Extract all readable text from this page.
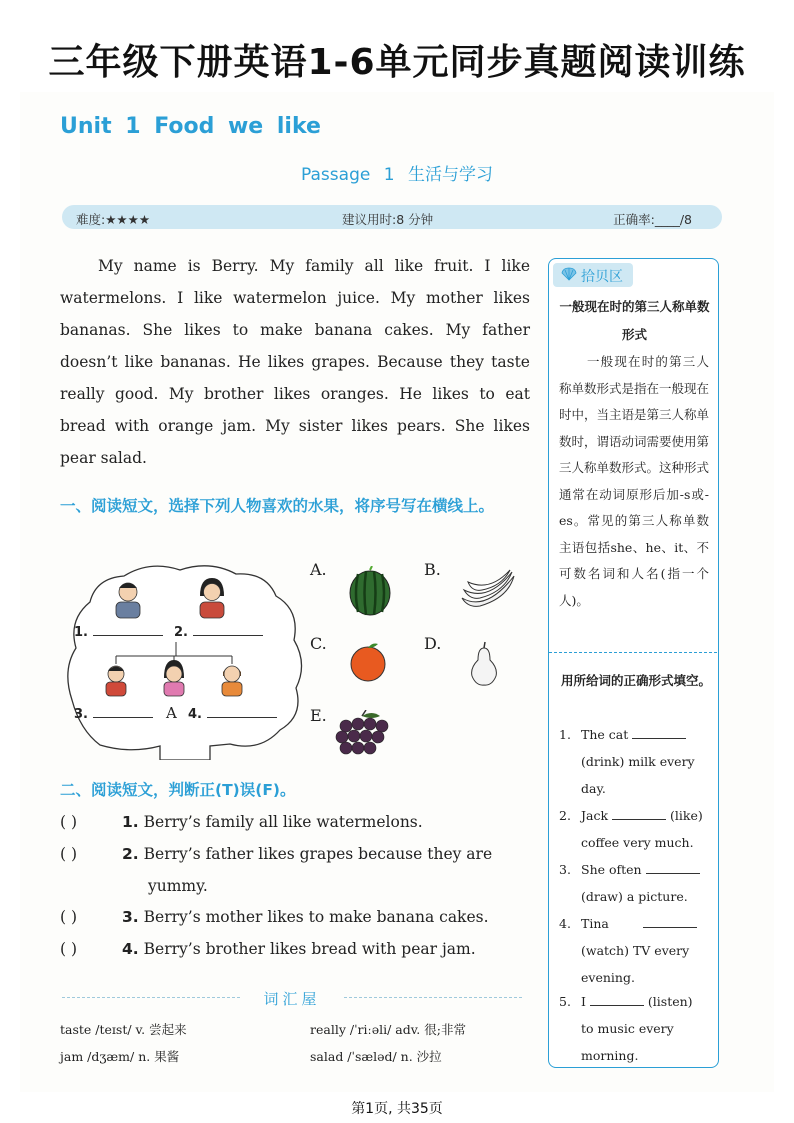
三年级下册英语1-6单元同步真题阅读训练
Unit 1 Food we like
Passage 1 生活与学习
难度:★★★★	建议用时:8 分钟	正确率:____/8

My name is Berry. My family all like fruit. I like watermelons. I like watermelon juice. My mother likes bananas. She likes to make banana cakes. My father doesn’t like bananas. He likes grapes. Because they taste really good. My brother likes oranges. He likes to eat bread with orange jam. My sister likes pears. She likes pear salad.

一、阅读短文，选择下列人物喜欢的水果，将序号写在横线上。
1.	2.
3.	A 4.
A.	B.
C.	D.
E.
二、阅读短文，判断正(T)误(F)。
( )	1. Berry’s family all like watermelons.
( )	2. Berry’s father likes grapes because they are
yummy.
( )	3. Berry’s mother likes to make banana cakes.
( )	4. Berry’s brother likes bread with pear jam.
词汇屋
taste /teɪst/ v. 尝起来	really /ˈriːəli/ adv. 很;非常
jam /dʒæm/ n. 果酱	salad /ˈsæləd/ n. 沙拉
拾贝区
一般现在时的第三人称单数形式

一般现在时的第三人称单数形式是指在一般现在时中，当主语是第三人称单数时，谓语动词需要使用第三人称单数形式。这种形式通常在动词原形后加-s或-es。常见的第三人称单数主语包括she、he、it、不可数名词和人名(指一个人)。

用所给词的正确形式填空。
1. The cat
(drink) milk every
day.
2. Jack	(like)
coffee very much.
3. She often
(draw) a picture.
4. Tina
(watch) TV every
evening.
5. I	(listen)
to music every
morning.
第1页, 共35页
